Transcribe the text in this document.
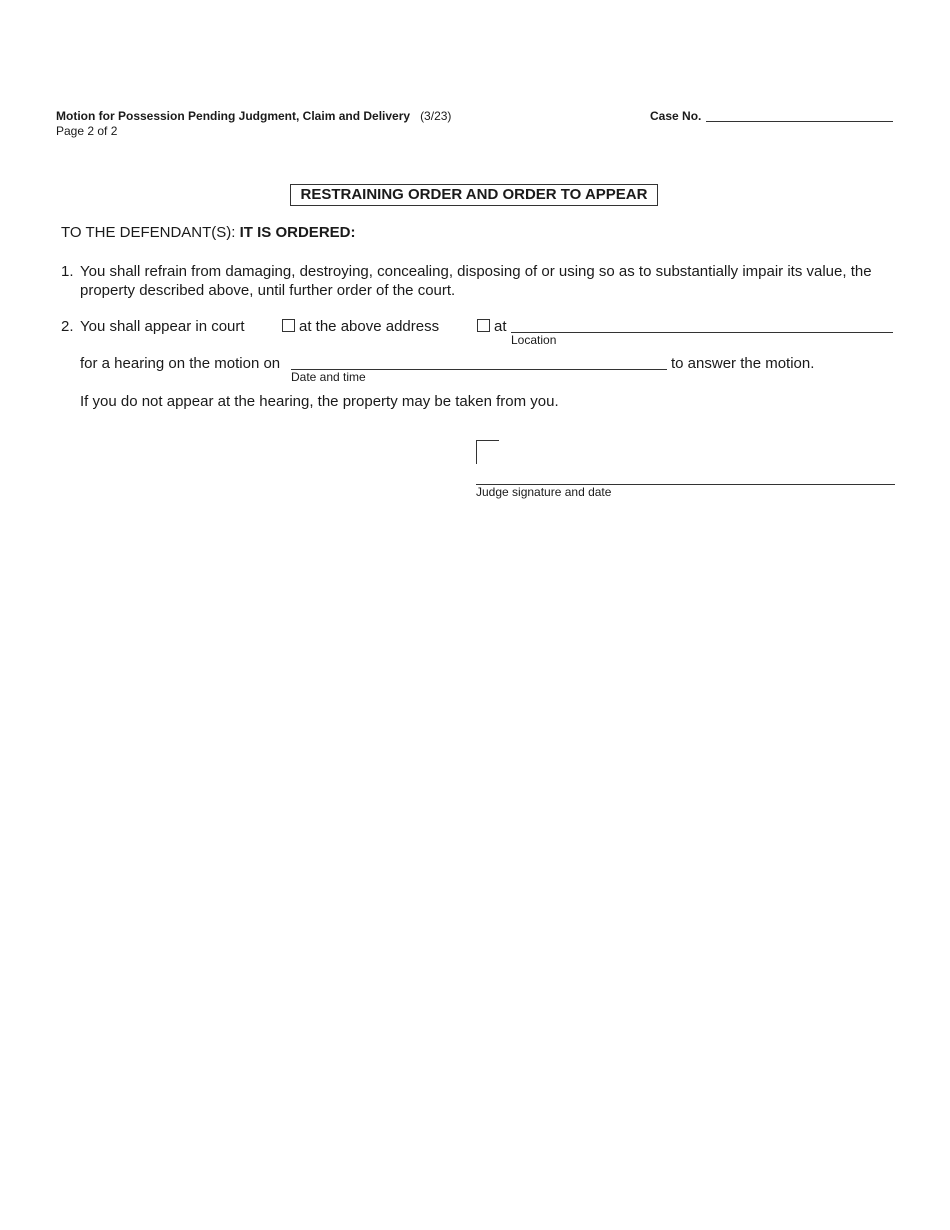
Motion for Possession Pending Judgment, Claim and Delivery (3/23)
Page 2 of 2
Case No.
RESTRAINING ORDER AND ORDER TO APPEAR
TO THE DEFENDANT(S): IT IS ORDERED:
1. You shall refrain from damaging, destroying, concealing, disposing of or using so as to substantially impair its value, the
property described above, until further order of the court.
2. You shall appear in court	at the above address	at
Location
for a hearing on the motion on
Date and time
to answer the motion.
If you do not appear at the hearing, the property may be taken from you.
Judge signature and date
